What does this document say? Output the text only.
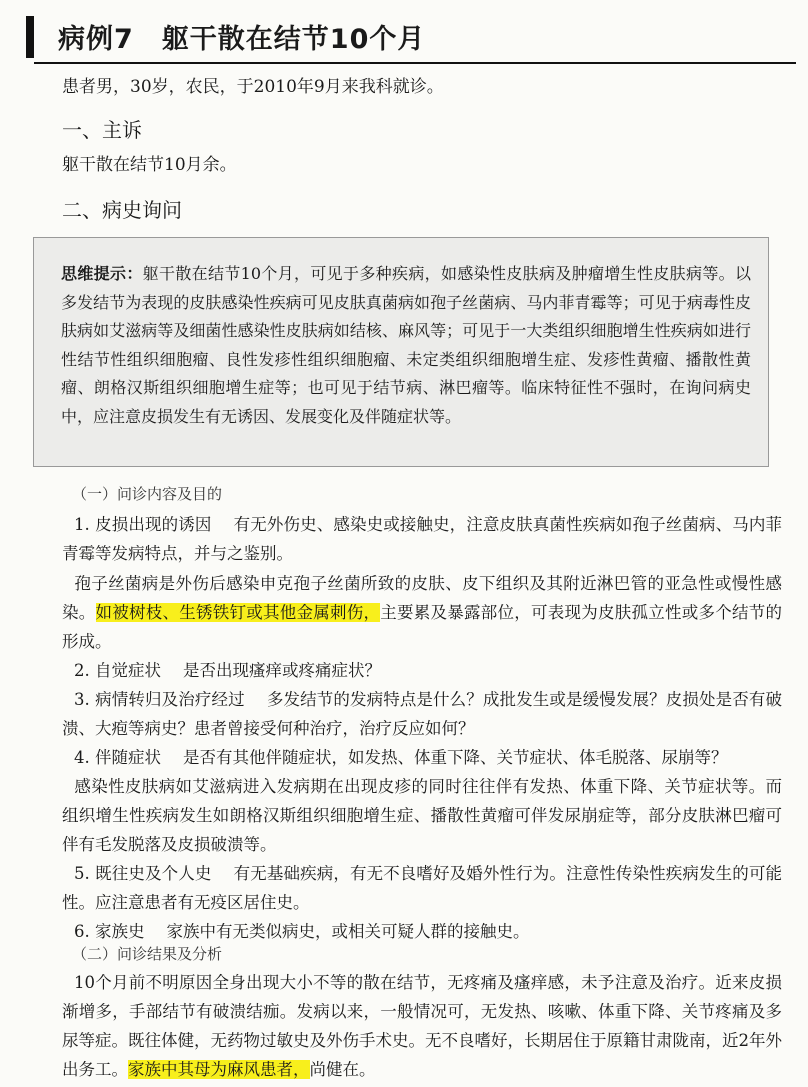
病例7　躯干散在结节10个月
患者男，30岁，农民，于2010年9月来我科就诊。
一、主诉
躯干散在结节10月余。
二、病史询问
思维提示：躯干散在结节10个月，可见于多种疾病，如感染性皮肤病及肿瘤增生性皮肤病等。以多发结节为表现的皮肤感染性疾病可见皮肤真菌病如孢子丝菌病、马内菲青霉等；可见于病毒性皮肤病如艾滋病等及细菌性感染性皮肤病如结核、麻风等；可见于一大类组织细胞增生性疾病如进行性结节性组织细胞瘤、良性发疹性组织细胞瘤、未定类组织细胞增生症、发疹性黄瘤、播散性黄瘤、朗格汉斯组织细胞增生症等；也可见于结节病、淋巴瘤等。临床特征性不强时，在询问病史中，应注意皮损发生有无诱因、发展变化及伴随症状等。
（一）问诊内容及目的
1. 皮损出现的诱因 有无外伤史、感染史或接触史，注意皮肤真菌性疾病如孢子丝菌病、马内菲青霉等发病特点，并与之鉴别。
孢子丝菌病是外伤后感染申克孢子丝菌所致的皮肤、皮下组织及其附近淋巴管的亚急性或慢性感染。如被树枝、生锈铁钉或其他金属刺伤，主要累及暴露部位，可表现为皮肤孤立性或多个结节的形成。
2. 自觉症状 是否出现瘙痒或疼痛症状？
3. 病情转归及治疗经过 多发结节的发病特点是什么？成批发生或是缓慢发展？皮损处是否有破溃、大疱等病史？患者曾接受何种治疗，治疗反应如何？
4. 伴随症状 是否有其他伴随症状，如发热、体重下降、关节症状、体毛脱落、尿崩等？
感染性皮肤病如艾滋病进入发病期在出现皮疹的同时往往伴有发热、体重下降、关节症状等。而组织增生性疾病发生如朗格汉斯组织细胞增生症、播散性黄瘤可伴发尿崩症等，部分皮肤淋巴瘤可伴有毛发脱落及皮损破溃等。
5. 既往史及个人史 有无基础疾病，有无不良嗜好及婚外性行为。注意性传染性疾病发生的可能性。应注意患者有无疫区居住史。
6. 家族史 家族中有无类似病史，或相关可疑人群的接触史。
（二）问诊结果及分析
10个月前不明原因全身出现大小不等的散在结节，无疼痛及瘙痒感，未予注意及治疗。近来皮损渐增多，手部结节有破溃结痂。发病以来，一般情况可，无发热、咳嗽、体重下降、关节疼痛及多尿等症。既往体健，无药物过敏史及外伤手术史。无不良嗜好，长期居住于原籍甘肃陇南，近2年外出务工。家族中其母为麻风患者，尚健在。
